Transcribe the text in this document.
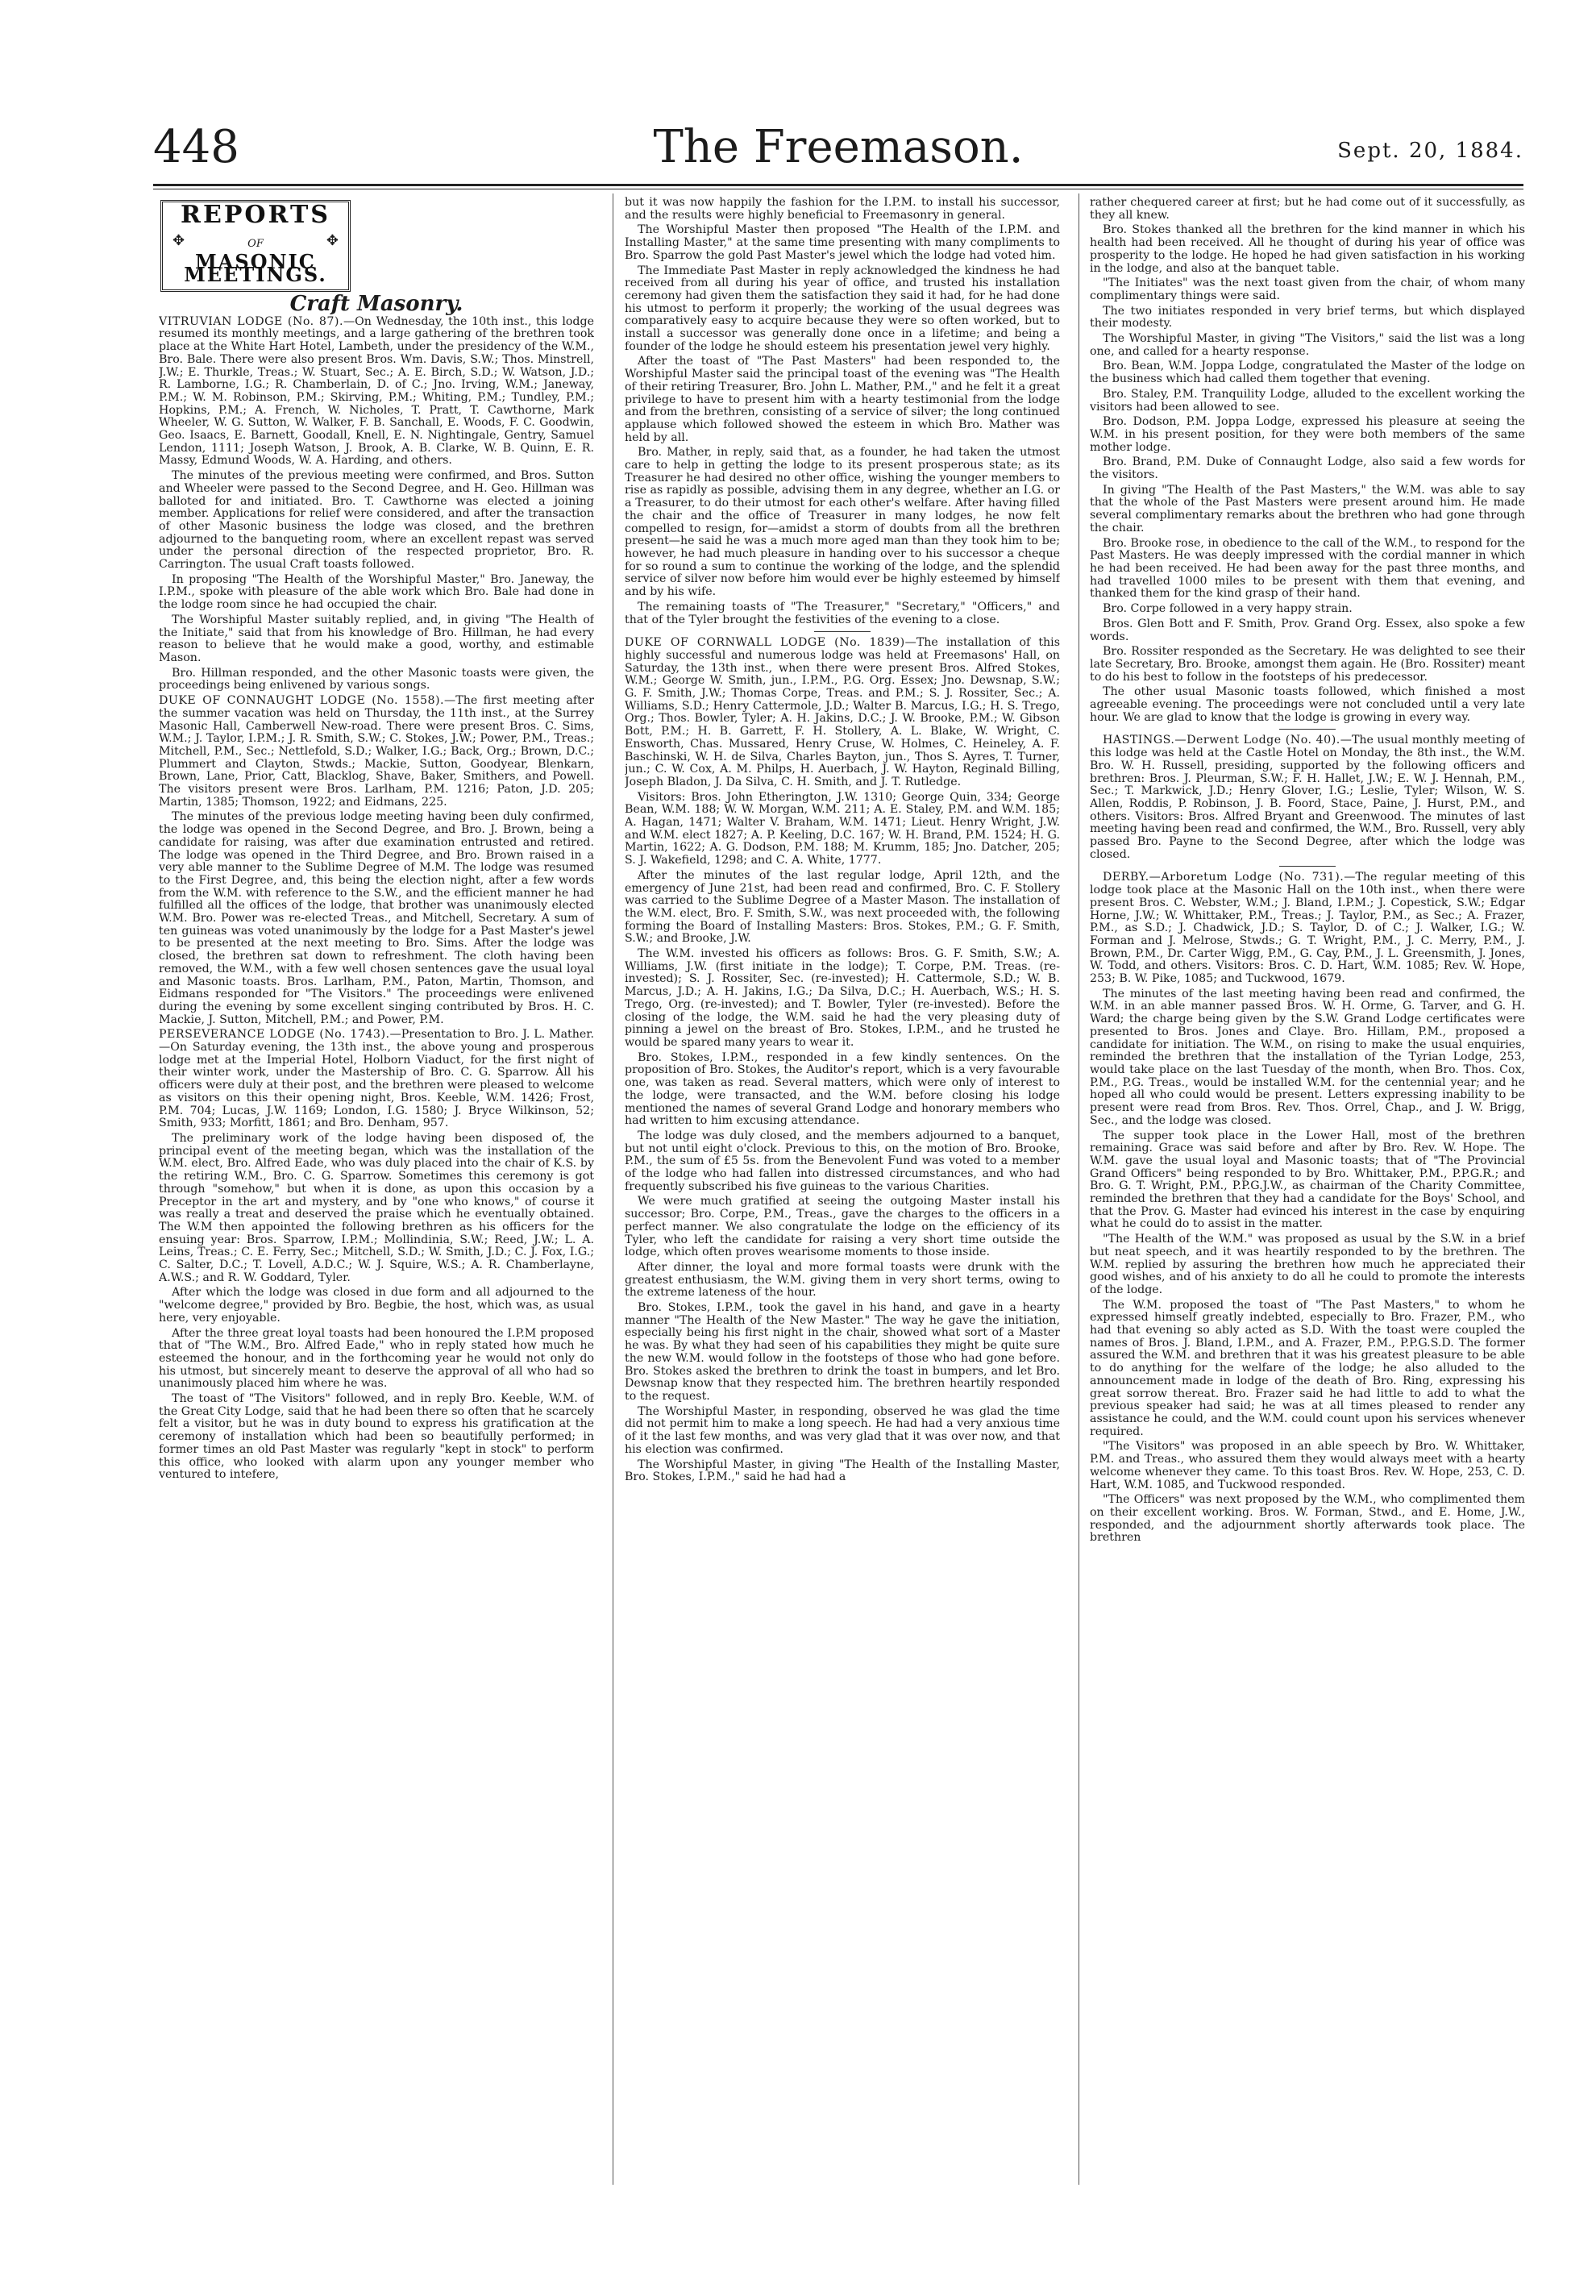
448	The Freemason.	Sept. 20, 1884.
REPORTS
✥	OF	✥
MASONIC MEETINGS.
Craft Masonry.

VITRUVIAN LODGE (No. 87).—On Wednesday, the 10th inst., this lodge resumed its monthly meetings, and a large gathering of the brethren took place at the White Hart Hotel, Lambeth, under the presidency of the W.M., Bro. Bale. There were also present Bros. Wm. Davis, S.W.; Thos. Minstrell, J.W.; E. Thurkle, Treas.; W. Stuart, Sec.; A. E. Birch, S.D.; W. Watson, J.D.; R. Lamborne, I.G.; R. Chamberlain, D. of C.; Jno. Irving, W.M.; Janeway, P.M.; W. M. Robinson, P.M.; Skirving, P.M.; Whiting, P.M.; Tundley, P.M.; Hopkins, P.M.; A. French, W. Nicholes, T. Pratt, T. Cawthorne, Mark Wheeler, W. G. Sutton, W. Walker, F. B. Sanchall, E. Woods, F. C. Goodwin, Geo. Isaacs, E. Barnett, Goodall, Knell, E. N. Nightingale, Gentry, Samuel Lendon, 1111; Joseph Watson, J. Brook, A. B. Clarke, W. B. Quinn, E. R. Massy, Edmund Woods, W. A. Harding, and others.

The minutes of the previous meeting were confirmed, and Bros. Sutton and Wheeler were passed to the Second Degree, and H. Geo. Hillman was balloted for and initiated. Bro. T. Cawthorne was elected a joining member. Applications for relief were considered, and after the transaction of other Masonic business the lodge was closed, and the brethren adjourned to the banqueting room, where an excellent repast was served under the personal direction of the respected proprietor, Bro. R. Carrington. The usual Craft toasts followed.

In proposing "The Health of the Worshipful Master," Bro. Janeway, the I.P.M., spoke with pleasure of the able work which Bro. Bale had done in the lodge room since he had occupied the chair.

The Worshipful Master suitably replied, and, in giving "The Health of the Initiate," said that from his knowledge of Bro. Hillman, he had every reason to believe that he would make a good, worthy, and estimable Mason.

Bro. Hillman responded, and the other Masonic toasts were given, the proceedings being enlivened by various songs.

DUKE OF CONNAUGHT LODGE (No. 1558).—The first meeting after the summer vacation was held on Thursday, the 11th inst., at the Surrey Masonic Hall, Camberwell New-road. There were present Bros. C. Sims, W.M.; J. Taylor, I.P.M.; J. R. Smith, S.W.; C. Stokes, J.W.; Power, P.M., Treas.; Mitchell, P.M., Sec.; Nettlefold, S.D.; Walker, I.G.; Back, Org.; Brown, D.C.; Plummert and Clayton, Stwds.; Mackie, Sutton, Goodyear, Blenkarn, Brown, Lane, Prior, Catt, Blacklog, Shave, Baker, Smithers, and Powell. The visitors present were Bros. Larlham, P.M. 1216; Paton, J.D. 205; Martin, 1385; Thomson, 1922; and Eidmans, 225.

The minutes of the previous lodge meeting having been duly confirmed, the lodge was opened in the Second Degree, and Bro. J. Brown, being a candidate for raising, was after due examination entrusted and retired. The lodge was opened in the Third Degree, and Bro. Brown raised in a very able manner to the Sublime Degree of M.M. The lodge was resumed to the First Degree, and, this being the election night, after a few words from the W.M. with reference to the S.W., and the efficient manner he had fulfilled all the offices of the lodge, that brother was unanimously elected W.M. Bro. Power was re-elected Treas., and Mitchell, Secretary. A sum of ten guineas was voted unanimously by the lodge for a Past Master's jewel to be presented at the next meeting to Bro. Sims. After the lodge was closed, the brethren sat down to refreshment. The cloth having been removed, the W.M., with a few well chosen sentences gave the usual loyal and Masonic toasts. Bros. Larlham, P.M., Paton, Martin, Thomson, and Eidmans responded for "The Visitors." The proceedings were enlivened during the evening by some excellent singing contributed by Bros. H. C. Mackie, J. Sutton, Mitchell, P.M.; and Power, P.M.

PERSEVERANCE LODGE (No. 1743).—Presentation to Bro. J. L. Mather.—On Saturday evening, the 13th inst., the above young and prosperous lodge met at the Imperial Hotel, Holborn Viaduct, for the first night of their winter work, under the Mastership of Bro. C. G. Sparrow. All his officers were duly at their post, and the brethren were pleased to welcome as visitors on this their opening night, Bros. Keeble, W.M. 1426; Frost, P.M. 704; Lucas, J.W. 1169; London, I.G. 1580; J. Bryce Wilkinson, 52; Smith, 933; Morfitt, 1861; and Bro. Denham, 957.

The preliminary work of the lodge having been disposed of, the principal event of the meeting began, which was the installation of the W.M. elect, Bro. Alfred Eade, who was duly placed into the chair of K.S. by the retiring W.M., Bro. C. G. Sparrow. Sometimes this ceremony is got through "somehow," but when it is done, as upon this occasion by a Preceptor in the art and mystery, and by "one who knows," of course it was really a treat and deserved the praise which he eventually obtained. The W.M then appointed the following brethren as his officers for the ensuing year: Bros. Sparrow, I.P.M.; Mollindinia, S.W.; Reed, J.W.; L. A. Leins, Treas.; C. E. Ferry, Sec.; Mitchell, S.D.; W. Smith, J.D.; C. J. Fox, I.G.; C. Salter, D.C.; T. Lovell, A.D.C.; W. J. Squire, W.S.; A. R. Chamberlayne, A.W.S.; and R. W. Goddard, Tyler.

After which the lodge was closed in due form and all adjourned to the "welcome degree," provided by Bro. Begbie, the host, which was, as usual here, very enjoyable.

After the three great loyal toasts had been honoured the I.P.M proposed that of "The W.M., Bro. Alfred Eade," who in reply stated how much he esteemed the honour, and in the forthcoming year he would not only do his utmost, but sincerely meant to deserve the approval of all who had so unanimously placed him where he was.

The toast of "The Visitors" followed, and in reply Bro. Keeble, W.M. of the Great City Lodge, said that he had been there so often that he scarcely felt a visitor, but he was in duty bound to express his gratification at the ceremony of installation which had been so beautifully performed; in former times an old Past Master was regularly "kept in stock" to perform this office, who looked with alarm upon any younger member who ventured to intefere,

but it was now happily the fashion for the I.P.M. to install his successor, and the results were highly beneficial to Freemasonry in general.

The Worshipful Master then proposed "The Health of the I.P.M. and Installing Master," at the same time presenting with many compliments to Bro. Sparrow the gold Past Master's jewel which the lodge had voted him.

The Immediate Past Master in reply acknowledged the kindness he had received from all during his year of office, and trusted his installation ceremony had given them the satisfaction they said it had, for he had done his utmost to perform it properly; the working of the usual degrees was comparatively easy to acquire because they were so often worked, but to install a successor was generally done once in a lifetime; and being a founder of the lodge he should esteem his presentation jewel very highly.

After the toast of "The Past Masters" had been responded to, the Worshipful Master said the principal toast of the evening was "The Health of their retiring Treasurer, Bro. John L. Mather, P.M.," and he felt it a great privilege to have to present him with a hearty testimonial from the lodge and from the brethren, consisting of a service of silver; the long continued applause which followed showed the esteem in which Bro. Mather was held by all.

Bro. Mather, in reply, said that, as a founder, he had taken the utmost care to help in getting the lodge to its present prosperous state; as its Treasurer he had desired no other office, wishing the younger members to rise as rapidly as possible, advising them in any degree, whether an I.G. or a Treasurer, to do their utmost for each other's welfare. After having filled the chair and the office of Treasurer in many lodges, he now felt compelled to resign, for—amidst a storm of doubts from all the brethren present—he said he was a much more aged man than they took him to be; however, he had much pleasure in handing over to his successor a cheque for so round a sum to continue the working of the lodge, and the splendid service of silver now before him would ever be highly esteemed by himself and by his wife.

The remaining toasts of "The Treasurer," "Secretary," "Officers," and that of the Tyler brought the festivities of the evening to a close.

DUKE OF CORNWALL LODGE (No. 1839)—The installation of this highly successful and numerous lodge was held at Freemasons' Hall, on Saturday, the 13th inst., when there were present Bros. Alfred Stokes, W.M.; George W. Smith, jun., I.P.M., P.G. Org. Essex; Jno. Dewsnap, S.W.; G. F. Smith, J.W.; Thomas Corpe, Treas. and P.M.; S. J. Rossiter, Sec.; A. Williams, S.D.; Henry Cattermole, J.D.; Walter B. Marcus, I.G.; H. S. Trego, Org.; Thos. Bowler, Tyler; A. H. Jakins, D.C.; J. W. Brooke, P.M.; W. Gibson Bott, P.M.; H. B. Garrett, F. H. Stollery, A. L. Blake, W. Wright, C. Ensworth, Chas. Mussared, Henry Cruse, W. Holmes, C. Heineley, A. F. Baschinski, W. H. de Silva, Charles Bayton, jun., Thos S. Ayres, T. Turner, jun.; C. W. Cox, A. M. Philps, H. Auerbach, J. W. Hayton, Reginald Billing, Joseph Bladon, J. Da Silva, C. H. Smith, and J. T. Rutledge.

Visitors: Bros. John Etherington, J.W. 1310; George Quin, 334; George Bean, W.M. 188; W. W. Morgan, W.M. 211; A. E. Staley, P.M. and W.M. 185; A. Hagan, 1471; Walter V. Braham, W.M. 1471; Lieut. Henry Wright, J.W. and W.M. elect 1827; A. P. Keeling, D.C. 167; W. H. Brand, P.M. 1524; H. G. Martin, 1622; A. G. Dodson, P.M. 188; M. Krumm, 185; Jno. Datcher, 205; S. J. Wakefield, 1298; and C. A. White, 1777.

After the minutes of the last regular lodge, April 12th, and the emergency of June 21st, had been read and confirmed, Bro. C. F. Stollery was carried to the Sublime Degree of a Master Mason. The installation of the W.M. elect, Bro. F. Smith, S.W., was next proceeded with, the following forming the Board of Installing Masters: Bros. Stokes, P.M.; G. F. Smith, S.W.; and Brooke, J.W.

The W.M. invested his officers as follows: Bros. G. F. Smith, S.W.; A. Williams, J.W. (first initiate in the lodge); T. Corpe, P.M. Treas. (re-invested); S. J. Rossiter, Sec. (re-invested); H. Cattermole, S.D.; W. B. Marcus, J.D.; A. H. Jakins, I.G.; Da Silva, D.C.; H. Auerbach, W.S.; H. S. Trego, Org. (re-invested); and T. Bowler, Tyler (re-invested). Before the closing of the lodge, the W.M. said he had the very pleasing duty of pinning a jewel on the breast of Bro. Stokes, I.P.M., and he trusted he would be spared many years to wear it.

Bro. Stokes, I.P.M., responded in a few kindly sentences. On the proposition of Bro. Stokes, the Auditor's report, which is a very favourable one, was taken as read. Several matters, which were only of interest to the lodge, were transacted, and the W.M. before closing his lodge mentioned the names of several Grand Lodge and honorary members who had written to him excusing attendance.

The lodge was duly closed, and the members adjourned to a banquet, but not until eight o'clock. Previous to this, on the motion of Bro. Brooke, P.M., the sum of £5 5s. from the Benevolent Fund was voted to a member of the lodge who had fallen into distressed circumstances, and who had frequently subscribed his five guineas to the various Charities.

We were much gratified at seeing the outgoing Master install his successor; Bro. Corpe, P.M., Treas., gave the charges to the officers in a perfect manner. We also congratulate the lodge on the efficiency of its Tyler, who left the candidate for raising a very short time outside the lodge, which often proves wearisome moments to those inside.

After dinner, the loyal and more formal toasts were drunk with the greatest enthusiasm, the W.M. giving them in very short terms, owing to the extreme lateness of the hour.

Bro. Stokes, I.P.M., took the gavel in his hand, and gave in a hearty manner "The Health of the New Master." The way he gave the initiation, especially being his first night in the chair, showed what sort of a Master he was. By what they had seen of his capabilities they might be quite sure the new W.M. would follow in the footsteps of those who had gone before. Bro. Stokes asked the brethren to drink the toast in bumpers, and let Bro. Dewsnap know that they respected him. The brethren heartily responded to the request.

The Worshipful Master, in responding, observed he was glad the time did not permit him to make a long speech. He had had a very anxious time of it the last few months, and was very glad that it was over now, and that his election was confirmed.

The Worshipful Master, in giving "The Health of the Installing Master, Bro. Stokes, I.P.M.," said he had had a

rather chequered career at first; but he had come out of it successfully, as they all knew.

Bro. Stokes thanked all the brethren for the kind manner in which his health had been received. All he thought of during his year of office was prosperity to the lodge. He hoped he had given satisfaction in his working in the lodge, and also at the banquet table.

"The Initiates" was the next toast given from the chair, of whom many complimentary things were said.

The two initiates responded in very brief terms, but which displayed their modesty.

The Worshipful Master, in giving "The Visitors," said the list was a long one, and called for a hearty response.

Bro. Bean, W.M. Joppa Lodge, congratulated the Master of the lodge on the business which had called them together that evening.

Bro. Staley, P.M. Tranquility Lodge, alluded to the excellent working the visitors had been allowed to see.

Bro. Dodson, P.M. Joppa Lodge, expressed his pleasure at seeing the W.M. in his present position, for they were both members of the same mother lodge.

Bro. Brand, P.M. Duke of Connaught Lodge, also said a few words for the visitors.

In giving "The Health of the Past Masters," the W.M. was able to say that the whole of the Past Masters were present around him. He made several complimentary remarks about the brethren who had gone through the chair.

Bro. Brooke rose, in obedience to the call of the W.M., to respond for the Past Masters. He was deeply impressed with the cordial manner in which he had been received. He had been away for the past three months, and had travelled 1000 miles to be present with them that evening, and thanked them for the kind grasp of their hand.

Bro. Corpe followed in a very happy strain.

Bros. Glen Bott and F. Smith, Prov. Grand Org. Essex, also spoke a few words.

Bro. Rossiter responded as the Secretary. He was delighted to see their late Secretary, Bro. Brooke, amongst them again. He (Bro. Rossiter) meant to do his best to follow in the footsteps of his predecessor.

The other usual Masonic toasts followed, which finished a most agreeable evening. The proceedings were not concluded until a very late hour. We are glad to know that the lodge is growing in every way.

HASTINGS.—Derwent Lodge (No. 40).—The usual monthly meeting of this lodge was held at the Castle Hotel on Monday, the 8th inst., the W.M. Bro. W. H. Russell, presiding, supported by the following officers and brethren: Bros. J. Pleurman, S.W.; F. H. Hallet, J.W.; E. W. J. Hennah, P.M., Sec.; T. Markwick, J.D.; Henry Glover, I.G.; Leslie, Tyler; Wilson, W. S. Allen, Roddis, P. Robinson, J. B. Foord, Stace, Paine, J. Hurst, P.M., and others. Visitors: Bros. Alfred Bryant and Greenwood. The minutes of last meeting having been read and confirmed, the W.M., Bro. Russell, very ably passed Bro. Payne to the Second Degree, after which the lodge was closed.

DERBY.—Arboretum Lodge (No. 731).—The regular meeting of this lodge took place at the Masonic Hall on the 10th inst., when there were present Bros. C. Webster, W.M.; J. Bland, I.P.M.; J. Copestick, S.W.; Edgar Horne, J.W.; W. Whittaker, P.M., Treas.; J. Taylor, P.M., as Sec.; A. Frazer, P.M., as S.D.; J. Chadwick, J.D.; S. Taylor, D. of C.; J. Walker, I.G.; W. Forman and J. Melrose, Stwds.; G. T. Wright, P.M., J. C. Merry, P.M., J. Brown, P.M., Dr. Carter Wigg, P.M., G. Cay, P.M., J. L. Greensmith, J. Jones, W. Todd, and others. Visitors: Bros. C. D. Hart, W.M. 1085; Rev. W. Hope, 253; B. W. Pike, 1085; and Tuckwood, 1679.

The minutes of the last meeting having been read and confirmed, the W.M. in an able manner passed Bros. W. H. Orme, G. Tarver, and G. H. Ward; the charge being given by the S.W. Grand Lodge certificates were presented to Bros. Jones and Claye. Bro. Hillam, P.M., proposed a candidate for initiation. The W.M., on rising to make the usual enquiries, reminded the brethren that the installation of the Tyrian Lodge, 253, would take place on the last Tuesday of the month, when Bro. Thos. Cox, P.M., P.G. Treas., would be installed W.M. for the centennial year; and he hoped all who could would be present. Letters expressing inability to be present were read from Bros. Rev. Thos. Orrel, Chap., and J. W. Brigg, Sec., and the lodge was closed.

The supper took place in the Lower Hall, most of the brethren remaining. Grace was said before and after by Bro. Rev. W. Hope. The W.M. gave the usual loyal and Masonic toasts; that of "The Provincial Grand Officers" being responded to by Bro. Whittaker, P.M., P.P.G.R.; and Bro. G. T. Wright, P.M., P.P.G.J.W., as chairman of the Charity Committee, reminded the brethren that they had a candidate for the Boys' School, and that the Prov. G. Master had evinced his interest in the case by enquiring what he could do to assist in the matter.

"The Health of the W.M." was proposed as usual by the S.W. in a brief but neat speech, and it was heartily responded to by the brethren. The W.M. replied by assuring the brethren how much he appreciated their good wishes, and of his anxiety to do all he could to promote the interests of the lodge.

The W.M. proposed the toast of "The Past Masters," to whom he expressed himself greatly indebted, especially to Bro. Frazer, P.M., who had that evening so ably acted as S.D. With the toast were coupled the names of Bros. J. Bland, I.P.M., and A. Frazer, P.M., P.P.G.S.D. The former assured the W.M. and brethren that it was his greatest pleasure to be able to do anything for the welfare of the lodge; he also alluded to the announcement made in lodge of the death of Bro. Ring, expressing his great sorrow thereat. Bro. Frazer said he had little to add to what the previous speaker had said; he was at all times pleased to render any assistance he could, and the W.M. could count upon his services whenever required.

"The Visitors" was proposed in an able speech by Bro. W. Whittaker, P.M. and Treas., who assured them they would always meet with a hearty welcome whenever they came. To this toast Bros. Rev. W. Hope, 253, C. D. Hart, W.M. 1085, and Tuckwood responded.

"The Officers" was next proposed by the W.M., who complimented them on their excellent working. Bros. W. Forman, Stwd., and E. Home, J.W., responded, and the adjournment shortly afterwards took place. The brethren
